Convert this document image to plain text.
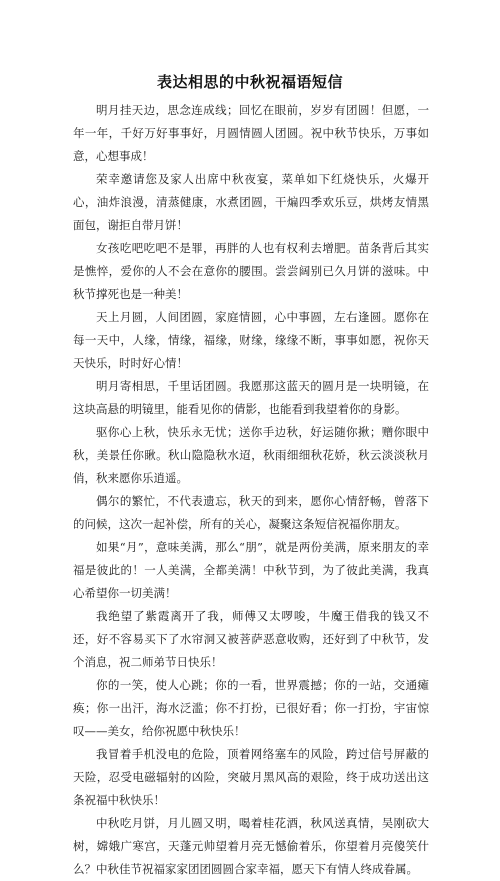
表达相思的中秋祝福语短信

明月挂天边，思念连成线；回忆在眼前，岁岁有团圆！但愿，一年一年，千好万好事事好，月圆情圆人团圆。祝中秋节快乐，万事如意，心想事成！

荣幸邀请您及家人出席中秋夜宴，菜单如下红烧快乐，火爆开心，油炸浪漫，清蒸健康，水煮团圆，干煸四季欢乐豆，烘烤友情黑面包，谢拒自带月饼！

女孩吃吧吃吧不是罪，再胖的人也有权利去增肥。苗条背后其实是憔悴，爱你的人不会在意你的腰围。尝尝阔别已久月饼的滋味。中秋节撑死也是一种美！

天上月圆，人间团圆，家庭情圆，心中事圆，左右逢圆。愿你在每一天中，人缘，情缘，福缘，财缘，缘缘不断，事事如愿，祝你天天快乐，时时好心情！

明月寄相思，千里话团圆。我愿那这蓝天的圆月是一块明镜，在这块高悬的明镜里，能看见你的倩影，也能看到我望着你的身影。

驱你心上秋，快乐永无忧；送你手边秋，好运随你揪；赠你眼中秋，美景任你瞅。秋山隐隐秋水迢，秋雨细细秋花娇，秋云淡淡秋月俏，秋来愿你乐逍遥。

偶尔的繁忙，不代表遗忘，秋天的到来，愿你心情舒畅，曾落下的问候，这次一起补偿，所有的关心，凝聚这条短信祝福你朋友。

如果“月”，意味美满，那么“朋”，就是两份美满，原来朋友的幸福是彼此的！一人美满，全都美满！中秋节到，为了彼此美满，我真心希望你一切美满！

我绝望了紫霞离开了我，师傅又太啰唆，牛魔王借我的钱又不还，好不容易买下了水帘洞又被菩萨恶意收购，还好到了中秋节，发个消息，祝二师弟节日快乐！

你的一笑，使人心跳；你的一看，世界震撼；你的一站，交通瘫痪；你一出汗，海水泛滥；你不打扮，已很好看；你一打扮，宇宙惊叹——美女，给你祝愿中秋快乐！

我冒着手机没电的危险，顶着网络塞车的风险，跨过信号屏蔽的天险，忍受电磁辐射的凶险，突破月黑风高的艰险，终于成功送出这条祝福中秋快乐！

中秋吃月饼，月儿圆又明，喝着桂花酒，秋风送真情，吴刚砍大树，嫦娥广寒宫，天蓬元帅望着月亮无憾偷着乐，你望着月亮傻笑什么？中秋佳节祝福家家团团圆圆合家幸福，愿天下有情人终成眷属。
